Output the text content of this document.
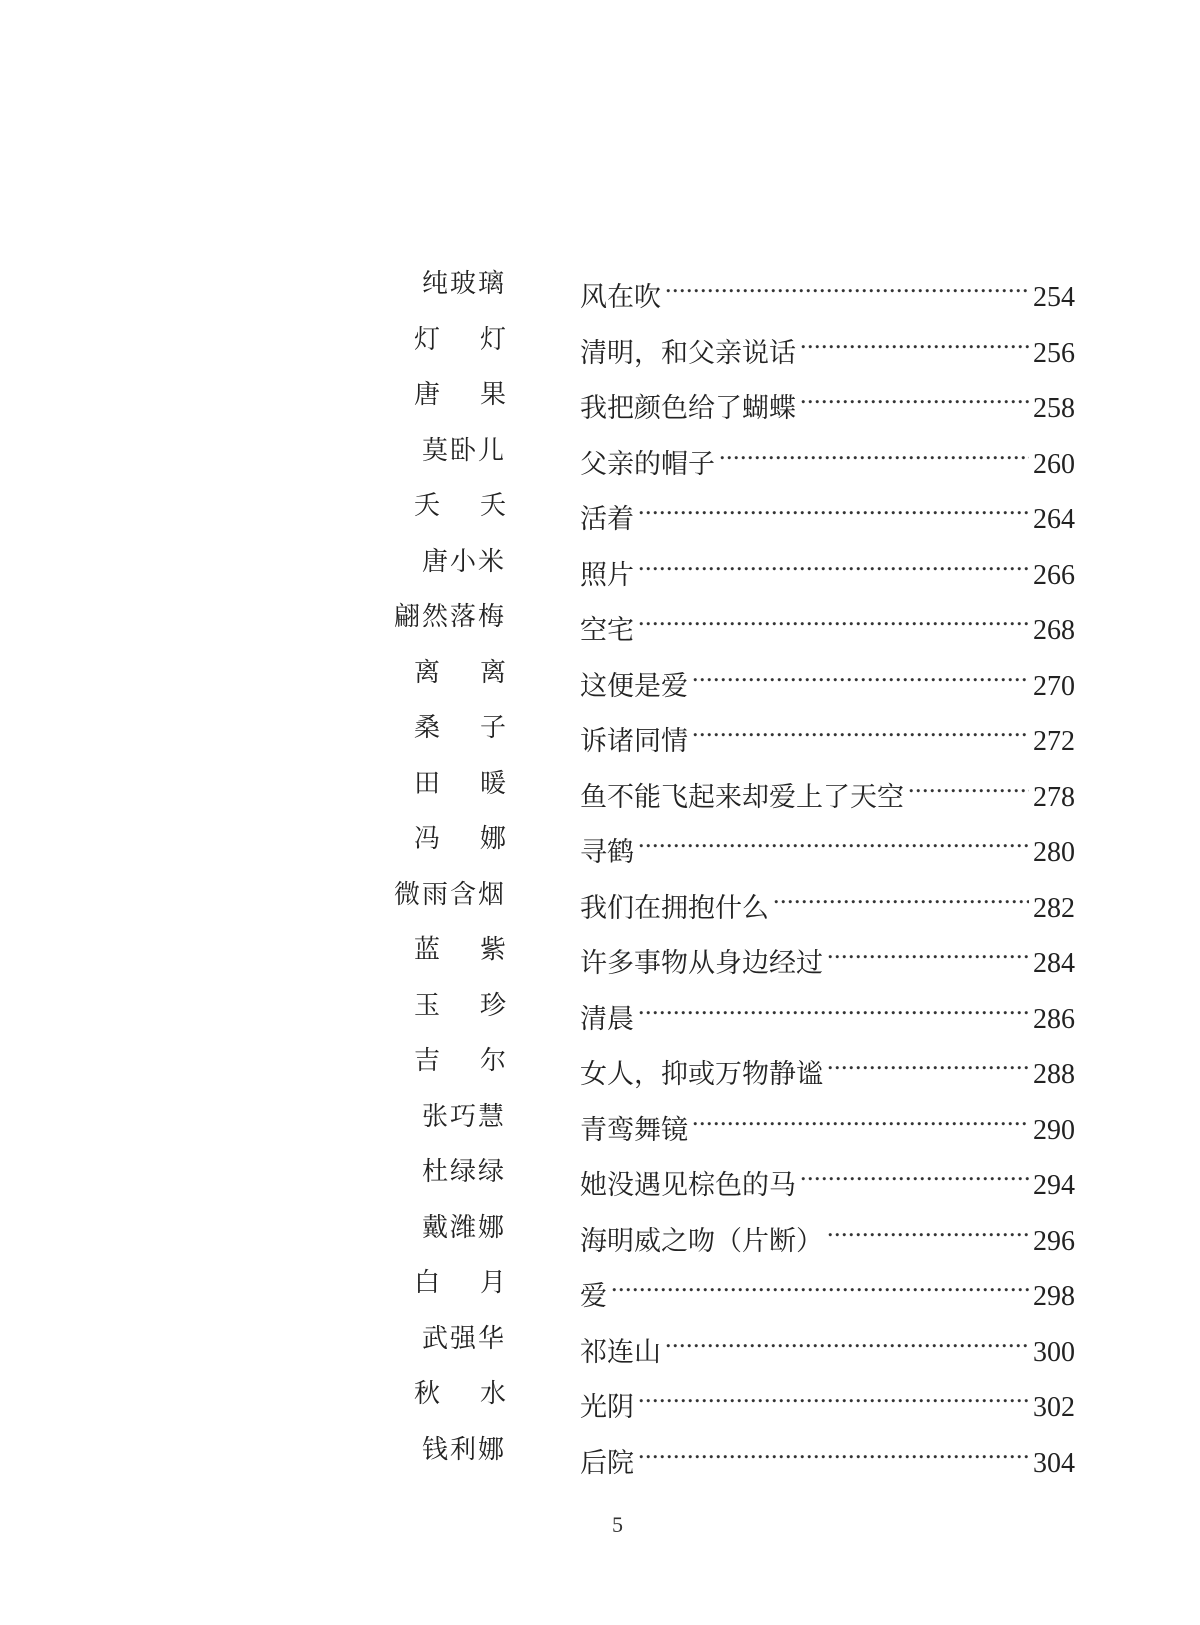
纯玻璃	风在吹 .....	254
灯 灯	清明，和父亲说话 .....	256
唐 果	我把颜色给了蝴蝶 .....	258
莫卧儿	父亲的帽子 .....	260
夭 夭	活着 .....	264
唐小米	照片 .....	266
翩然落梅	空宅 .....	268
离 离	这便是爱 .....	270
桑 子	诉诸同情 .....	272
田 暖	鱼不能飞起来却爱上了天空 .....	278
冯 娜	寻鹤 .....	280
微雨含烟	我们在拥抱什么 .....	282
蓝 紫	许多事物从身边经过 .....	284
玉 珍	清晨 .....	286
吉 尔	女人，抑或万物静谧 .....	288
张巧慧	青鸾舞镜 .....	290
杜绿绿	她没遇见棕色的马 .....	294
戴潍娜	海明威之吻（片断） .....	296
白 月	爱 .....	298
武强华	祁连山 .....	300
秋 水	光阴 .....	302
钱利娜	后院 .....	304
5
